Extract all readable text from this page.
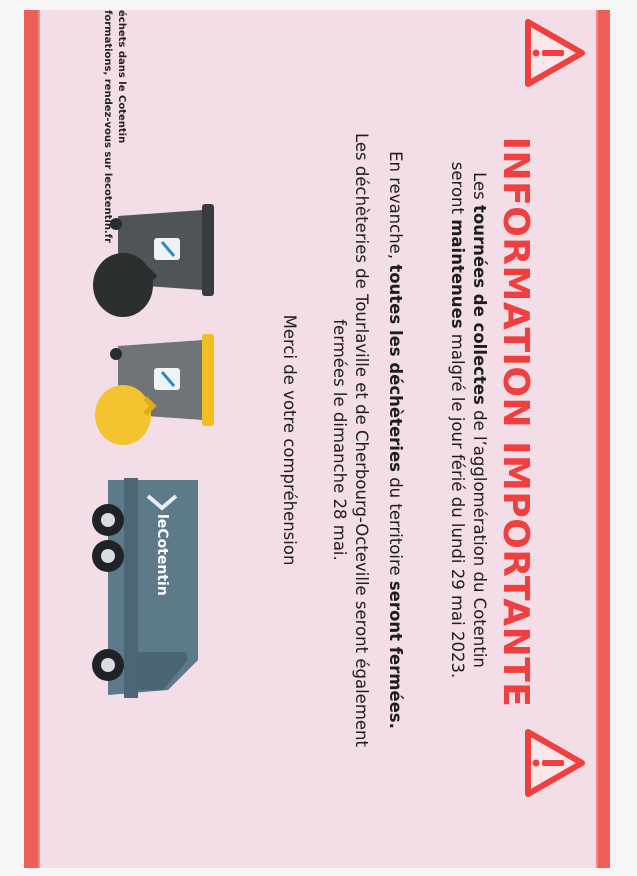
INFORMATION IMPORTANTE
Les tournées de collectes de l’agglomération du Cotentin
seront maintenues malgré le jour férié du lundi 29 mai 2023.
En revanche, toutes les déchèteries du territoire seront fermées.
Les déchèteries de Tourlaville et de Cherbourg-Octeville seront également
fermées le dimanche 28 mai.
Merci de votre compréhension
leCotentin
échets dans le Cotentin
formations, rendez-vous sur lecotentin.fr
